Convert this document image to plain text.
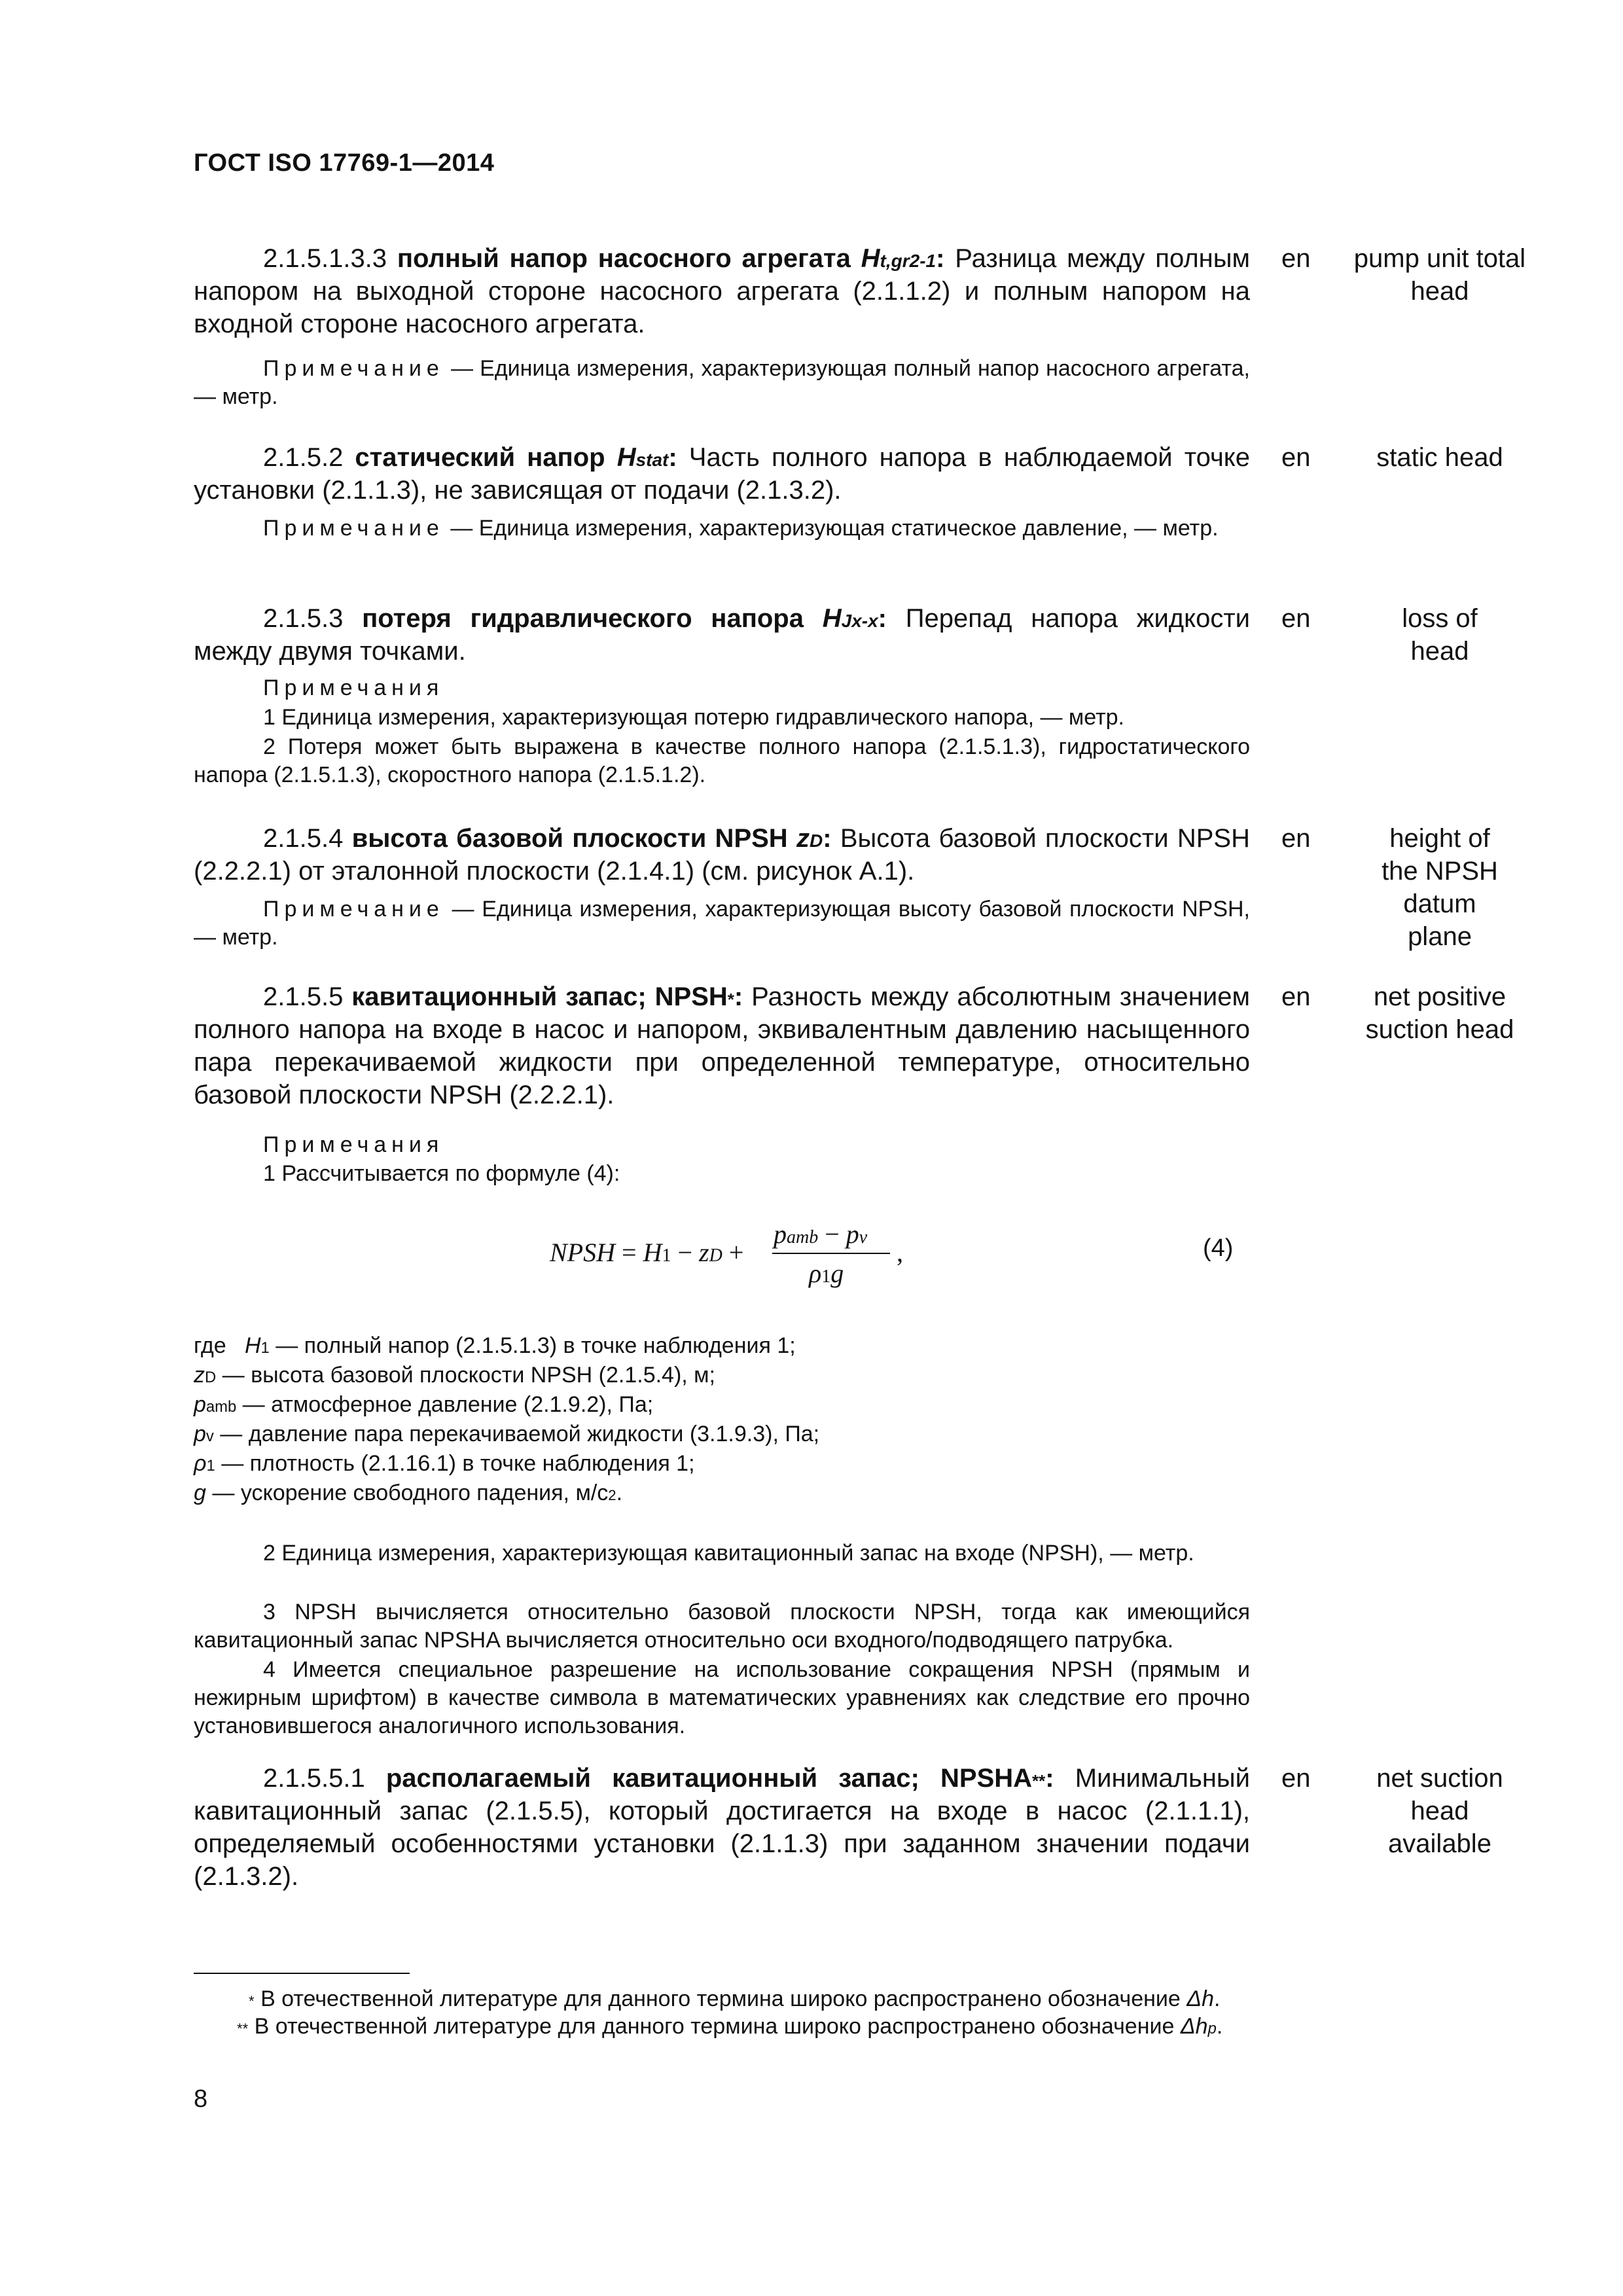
ГОСТ ISO 17769-1—2014
2.1.5.1.3.3 полный напор насосного агрегата $H_{t,gr2-1}$: Разница между полным напором на выходной стороне насосного агрегата (2.1.1.2) и полным напором на входной стороне насосного агрегата.
en	pump unit total head
Примечание — Единица измерения, характеризующая полный напор насосного агрегата, — метр.
2.1.5.2 статический напор $H_{stat}$: Часть полного напора в наблюдаемой точке установки (2.1.1.3), не зависящая от подачи (2.1.3.2).
en	static head
Примечание — Единица измерения, характеризующая статическое давление, — метр.
2.1.5.3 потеря гидравлического напора $H_{Jx-x}$: Перепад напора жидкости между двумя точками.
en	loss of head
Примечания
1 Единица измерения, характеризующая потерю гидравлического напора, — метр.
2 Потеря может быть выражена в качестве полного напора (2.1.5.1.3), гидростатического напора (2.1.5.1.3), скоростного напора (2.1.5.1.2).
2.1.5.4 высота базовой плоскости NPSH $z_D$: Высота базовой плоскости NPSH (2.2.2.1) от эталонной плоскости (2.1.4.1) (см. рисунок А.1).
en	height of the NPSH datum plane
Примечание — Единица измерения, характеризующая высоту базовой плоскости NPSH, — метр.
2.1.5.5 кавитационный запас; NPSH*: Разность между абсолютным значением полного напора на входе в насос и напором, эквивалентным давлению насыщенного пара перекачиваемой жидкости при определенной температуре, относительно базовой плоскости NPSH (2.2.2.1).
en	net positive suction head
Примечания
1 Рассчитывается по формуле (4):
NPSH = $H_1 - z_D$ +
$p_{amb} - p_v$
$\rho_1g$
,	(4)
где $H_1$ — полный напор (2.1.5.1.3) в точке наблюдения 1;
$z_D$ — высота базовой плоскости NPSH (2.1.5.4), м;
$p_{amb}$ — атмосферное давление (2.1.9.2), Па;
$p_v$ — давление пара перекачиваемой жидкости (3.1.9.3), Па;
$\rho_1$ — плотность (2.1.16.1) в точке наблюдения 1;
g — ускорение свободного падения, $м/с^2$.
2 Единица измерения, характеризующая кавитационный запас на входе (NPSH), — метр.
3 NPSH вычисляется относительно базовой плоскости NPSH, тогда как имеющийся кавитационный запас NPSHA вычисляется относительно оси входного/подводящего патрубка.
4 Имеется специальное разрешение на использование сокращения NPSH (прямым и нежирным шрифтом) в качестве символа в математических уравнениях как следствие его прочно установившегося аналогичного использования.
2.1.5.5.1 располагаемый кавитационный запас; NPSHA**: Минимальный кавитационный запас (2.1.5.5), который достигается на входе в насос (2.1.1.1), определяемый особенностями установки (2.1.1.3) при заданном значении подачи (2.1.3.2).
en	net suction head available
* В отечественной литературе для данного термина широко распространено обозначение Δh.
** В отечественной литературе для данного термина широко распространено обозначение $\Delta h_p$.
8
